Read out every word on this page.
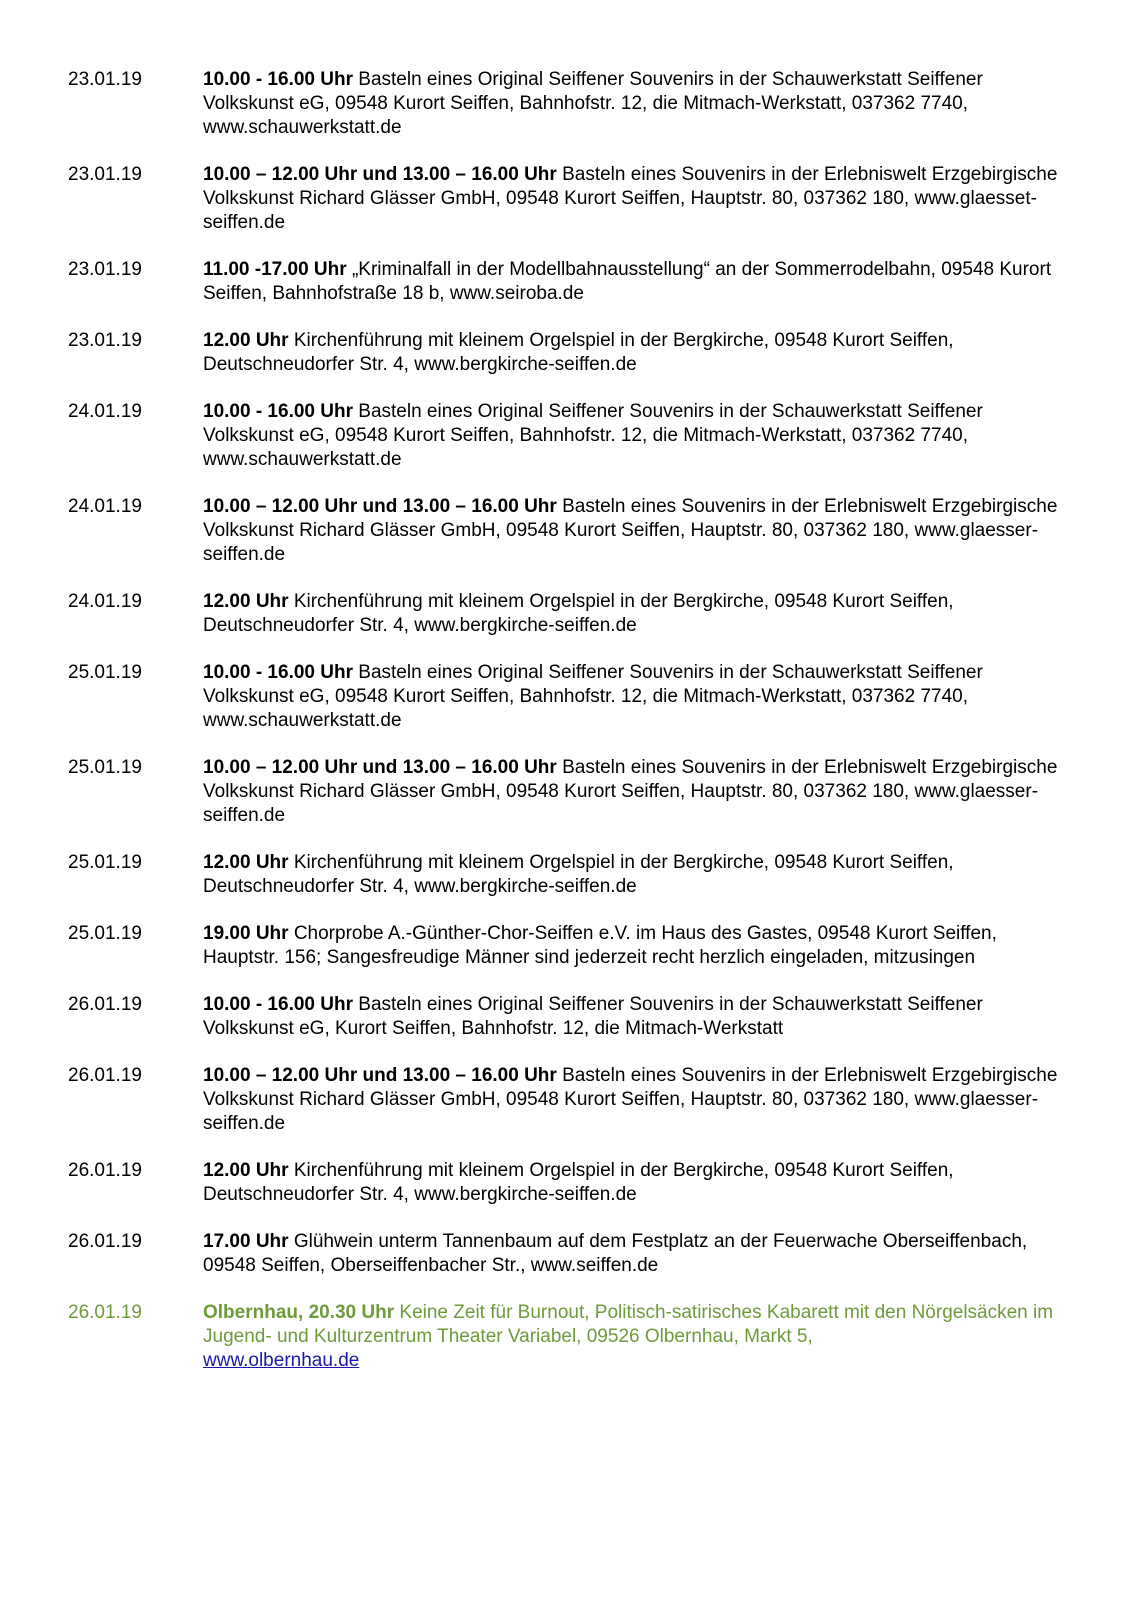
23.01.19	10.00 - 16.00 Uhr Basteln eines Original Seiffener Souvenirs in der Schauwerkstatt Seiffener Volkskunst eG, 09548 Kurort Seiffen, Bahnhofstr. 12, die Mitmach-Werkstatt, 037362 7740, www.schauwerkstatt.de
23.01.19	10.00 – 12.00 Uhr und 13.00 – 16.00 Uhr Basteln eines Souvenirs in der Erlebniswelt Erzgebirgische Volkskunst Richard Glässer GmbH, 09548 Kurort Seiffen, Hauptstr. 80, 037362 180, www.glaesset-seiffen.de
23.01.19	11.00 -17.00 Uhr „Kriminalfall in der Modellbahnausstellung“ an der Sommerrodelbahn, 09548 Kurort Seiffen, Bahnhofstraße 18 b, www.seiroba.de
23.01.19	12.00 Uhr Kirchenführung mit kleinem Orgelspiel in der Bergkirche, 09548 Kurort Seiffen, Deutschneudorfer Str. 4, www.bergkirche-seiffen.de
24.01.19	10.00 - 16.00 Uhr Basteln eines Original Seiffener Souvenirs in der Schauwerkstatt Seiffener Volkskunst eG, 09548 Kurort Seiffen, Bahnhofstr. 12, die Mitmach-Werkstatt, 037362 7740, www.schauwerkstatt.de
24.01.19	10.00 – 12.00 Uhr und 13.00 – 16.00 Uhr Basteln eines Souvenirs in der Erlebniswelt Erzgebirgische Volkskunst Richard Glässer GmbH, 09548 Kurort Seiffen, Hauptstr. 80, 037362 180, www.glaesser-seiffen.de
24.01.19	12.00 Uhr Kirchenführung mit kleinem Orgelspiel in der Bergkirche, 09548 Kurort Seiffen, Deutschneudorfer Str. 4, www.bergkirche-seiffen.de
25.01.19	10.00 - 16.00 Uhr Basteln eines Original Seiffener Souvenirs in der Schauwerkstatt Seiffener Volkskunst eG, 09548 Kurort Seiffen, Bahnhofstr. 12, die Mitmach-Werkstatt, 037362 7740, www.schauwerkstatt.de
25.01.19	10.00 – 12.00 Uhr und 13.00 – 16.00 Uhr Basteln eines Souvenirs in der Erlebniswelt Erzgebirgische Volkskunst Richard Glässer GmbH, 09548 Kurort Seiffen, Hauptstr. 80, 037362 180, www.glaesser-seiffen.de
25.01.19	12.00 Uhr Kirchenführung mit kleinem Orgelspiel in der Bergkirche, 09548 Kurort Seiffen, Deutschneudorfer Str. 4, www.bergkirche-seiffen.de
25.01.19	19.00 Uhr Chorprobe A.-Günther-Chor-Seiffen e.V. im Haus des Gastes, 09548 Kurort Seiffen, Hauptstr. 156; Sangesfreudige Männer sind jederzeit recht herzlich eingeladen, mitzusingen
26.01.19	10.00 - 16.00 Uhr Basteln eines Original Seiffener Souvenirs in der Schauwerkstatt Seiffener Volkskunst eG, Kurort Seiffen, Bahnhofstr. 12, die Mitmach-Werkstatt
26.01.19	10.00 – 12.00 Uhr und 13.00 – 16.00 Uhr Basteln eines Souvenirs in der Erlebniswelt Erzgebirgische Volkskunst Richard Glässer GmbH, 09548 Kurort Seiffen, Hauptstr. 80, 037362 180, www.glaesser-seiffen.de
26.01.19	12.00 Uhr Kirchenführung mit kleinem Orgelspiel in der Bergkirche, 09548 Kurort Seiffen, Deutschneudorfer Str. 4, www.bergkirche-seiffen.de
26.01.19	17.00 Uhr Glühwein unterm Tannenbaum auf dem Festplatz an der Feuerwache Oberseiffenbach, 09548 Seiffen, Oberseiffenbacher Str., www.seiffen.de
26.01.19	Olbernhau, 20.30 Uhr Keine Zeit für Burnout, Politisch-satirisches Kabarett mit den Nörgelsäcken im Jugend- und Kulturzentrum Theater Variabel, 09526 Olbernhau, Markt 5,
www.olbernhau.de
